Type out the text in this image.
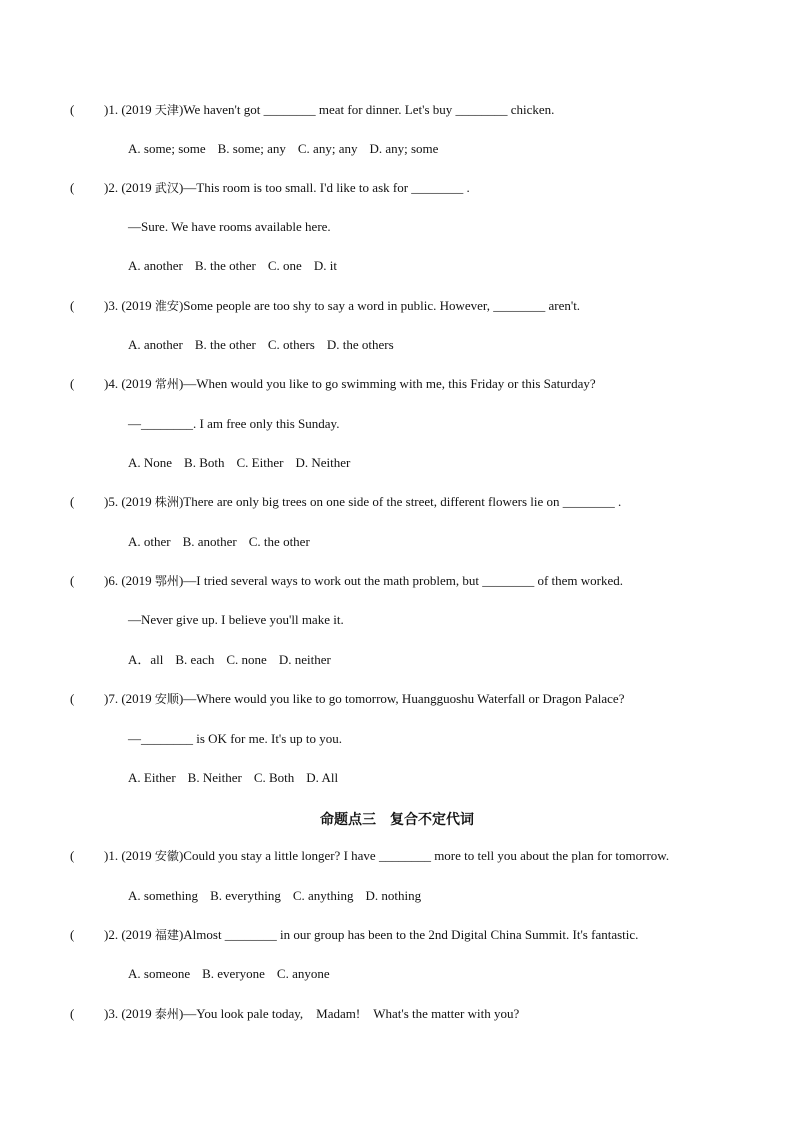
( )1. (2019 天津)We haven't got ________ meat for dinner. Let's buy ________ chicken.
A. some; some B. some; any C. any; any D. any; some
( )2. (2019 武汉)—This room is too small. I'd like to ask for ________ .
—Sure. We have rooms available here.
A. another B. the other C. one D. it
( )3. (2019 淮安)Some people are too shy to say a word in public. However, ________ aren't.
A. another B. the other C. others D. the others
( )4. (2019 常州)—When would you like to go swimming with me, this Friday or this Saturday?
—________. I am free only this Sunday.
A. None B. Both C. Either D. Neither
( )5. (2019 株洲)There are only big trees on one side of the street, different flowers lie on ________ .
A. other B. another C. the other
( )6. (2019 鄂州)—I tried several ways to work out the math problem, but ________ of them worked.
—Never give up. I believe you'll make it.
A．all B. each C. none D. neither
( )7. (2019 安顺)—Where would you like to go tomorrow, Huangguoshu Waterfall or Dragon Palace?
—________ is OK for me. It's up to you.
A. Either B. Neither C. Both D. All
命题点三　复合不定代词
( )1. (2019 安徽)Could you stay a little longer? I have ________ more to tell you about the plan for tomorrow.
A. something B. everything C. anything D. nothing
( )2. (2019 福建)Almost ________ in our group has been to the 2nd Digital China Summit. It's fantastic.
A. someone B. everyone C. anyone
( )3. (2019 泰州)—You look pale today,　Madam!　What's the matter with you?
